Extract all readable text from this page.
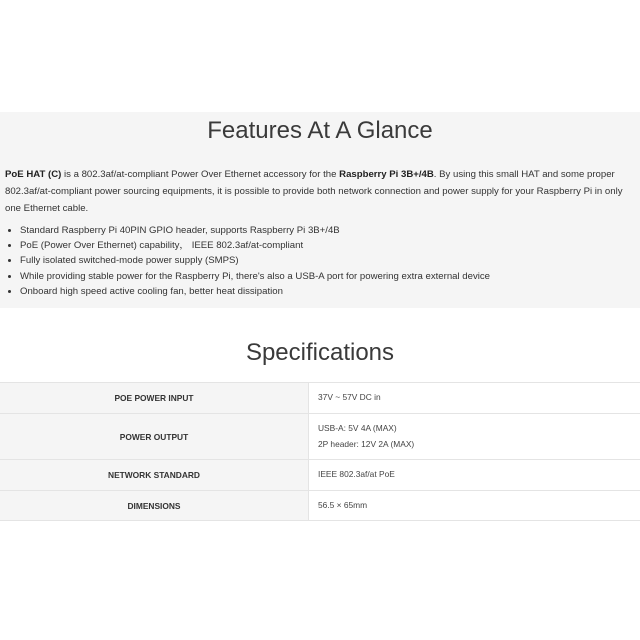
Features At A Glance

PoE HAT (C) is a 802.3af/at-compliant Power Over Ethernet accessory for the Raspberry Pi 3B+/4B. By using this small HAT and some proper 802.3af/at-compliant power sourcing equipments, it is possible to provide both network connection and power supply for your Raspberry Pi in only one Ethernet cable.

• Standard Raspberry Pi 40PIN GPIO header, supports Raspberry Pi 3B+/4B
• PoE (Power Over Ethernet) capability， IEEE 802.3af/at-compliant
• Fully isolated switched-mode power supply (SMPS)
• While providing stable power for the Raspberry Pi, there's also a USB-A port for powering extra external device
• Onboard high speed active cooling fan, better heat dissipation
Specifications
POE POWER INPUT	37V ~ 57V DC in
POWER OUTPUT	USB-A: 5V 4A (MAX)
2P header: 12V 2A (MAX)

NETWORK STANDARD	IEEE 802.3af/at PoE
DIMENSIONS	56.5 × 65mm
